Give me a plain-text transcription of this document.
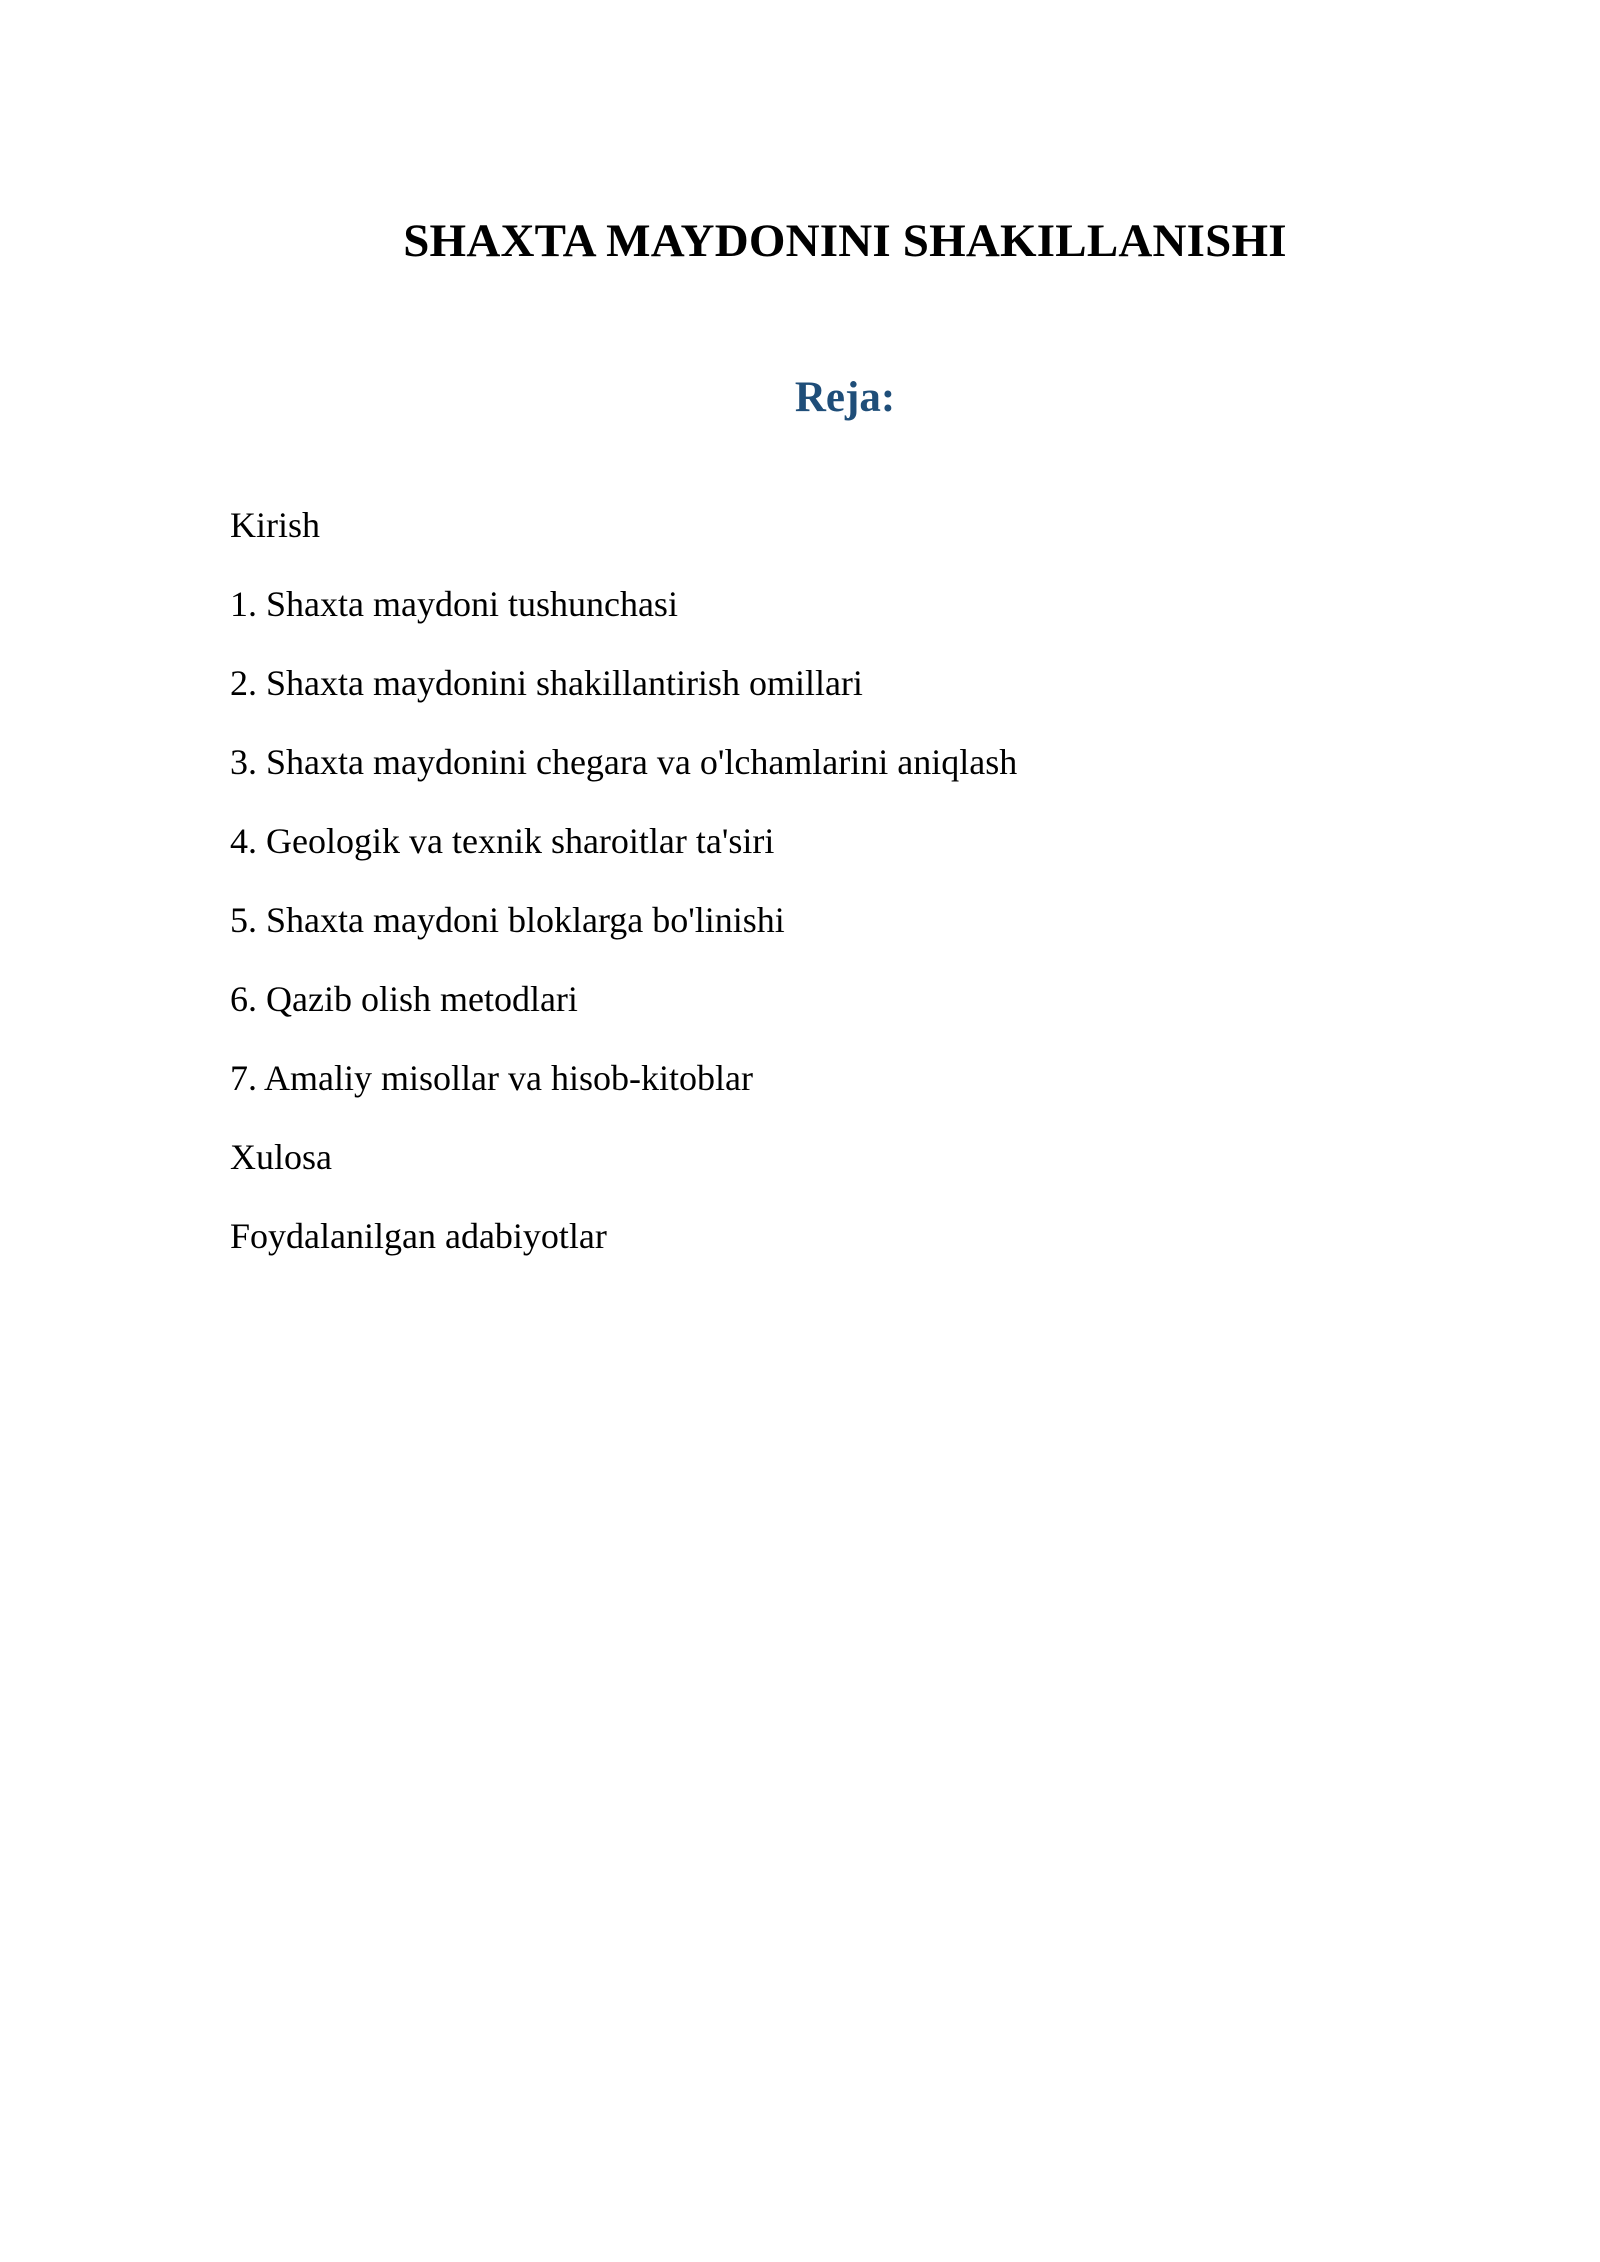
SHAXTA MAYDONINI SHAKILLANISHI
Reja:
Kirish
1. Shaxta maydoni tushunchasi
2. Shaxta maydonini shakillantirish omillari
3. Shaxta maydonini chegara va o'lchamlarini aniqlash
4. Geologik va texnik sharoitlar ta'siri
5. Shaxta maydoni bloklarga bo'linishi
6. Qazib olish metodlari
7. Amaliy misollar va hisob-kitoblar
Xulosa
Foydalanilgan adabiyotlar
